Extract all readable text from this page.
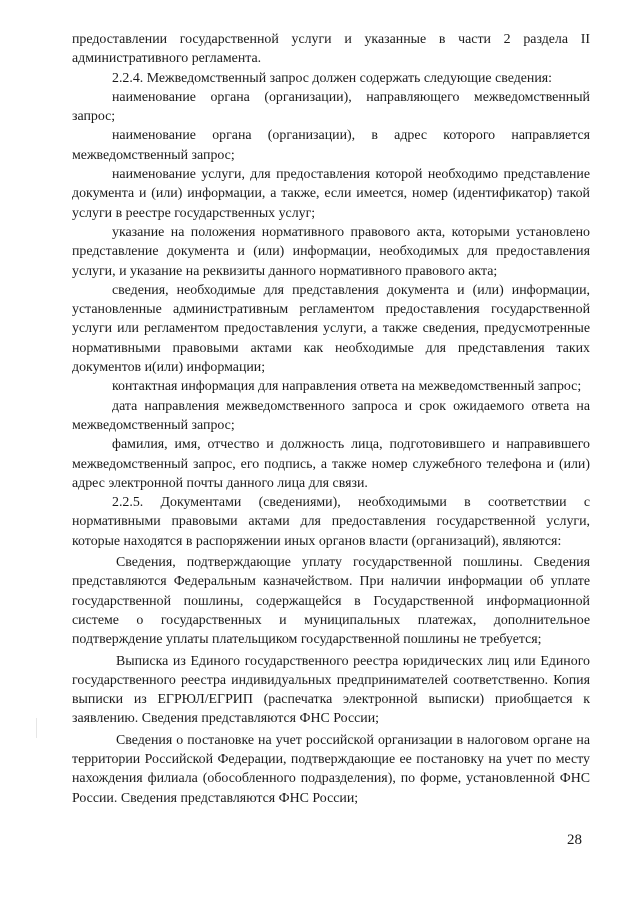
предоставлении государственной услуги и указанные в части 2 раздела II административного регламента.

2.2.4. Межведомственный запрос должен содержать следующие сведения:

наименование органа (организации), направляющего межведомственный запрос;

наименование органа (организации), в адрес которого направляется межведомственный запрос;

наименование услуги, для предоставления которой необходимо представление документа и (или) информации, а также, если имеется, номер (идентификатор) такой услуги в реестре государственных услуг;

указание на положения нормативного правового акта, которыми установлено представление документа и (или) информации, необходимых для предоставления услуги, и указание на реквизиты данного нормативного правового акта;

сведения, необходимые для представления документа и (или) информации, установленные административным регламентом предоставления государственной услуги или регламентом предоставления услуги, а также сведения, предусмотренные нормативными правовыми актами как необходимые для представления таких документов и(или) информации;

контактная информация для направления ответа на межведомственный запрос;

дата направления межведомственного запроса и срок ожидаемого ответа на межведомственный запрос;

фамилия, имя, отчество и должность лица, подготовившего и направившего межведомственный запрос, его подпись, а также номер служебного телефона и (или) адрес электронной почты данного лица для связи.

2.2.5. Документами (сведениями), необходимыми в соответствии с нормативными правовыми актами для предоставления государственной услуги, которые находятся в распоряжении иных органов власти (организаций), являются:

Сведения, подтверждающие уплату государственной пошлины. Сведения представляются Федеральным казначейством. При наличии информации об уплате государственной пошлины, содержащейся в Государственной информационной системе о государственных и муниципальных платежах, дополнительное подтверждение уплаты плательщиком государственной пошлины не требуется;

Выписка из Единого государственного реестра юридических лиц или Единого государственного реестра индивидуальных предпринимателей соответственно. Копия выписки из ЕГРЮЛ/ЕГРИП (распечатка электронной выписки) приобщается к заявлению. Сведения представляются ФНС России;

Сведения о постановке на учет российской организации в налоговом органе на территории Российской Федерации, подтверждающие ее постановку на учет по месту нахождения филиала (обособленного подразделения), по форме, установленной ФНС России. Сведения представляются ФНС России;

28
